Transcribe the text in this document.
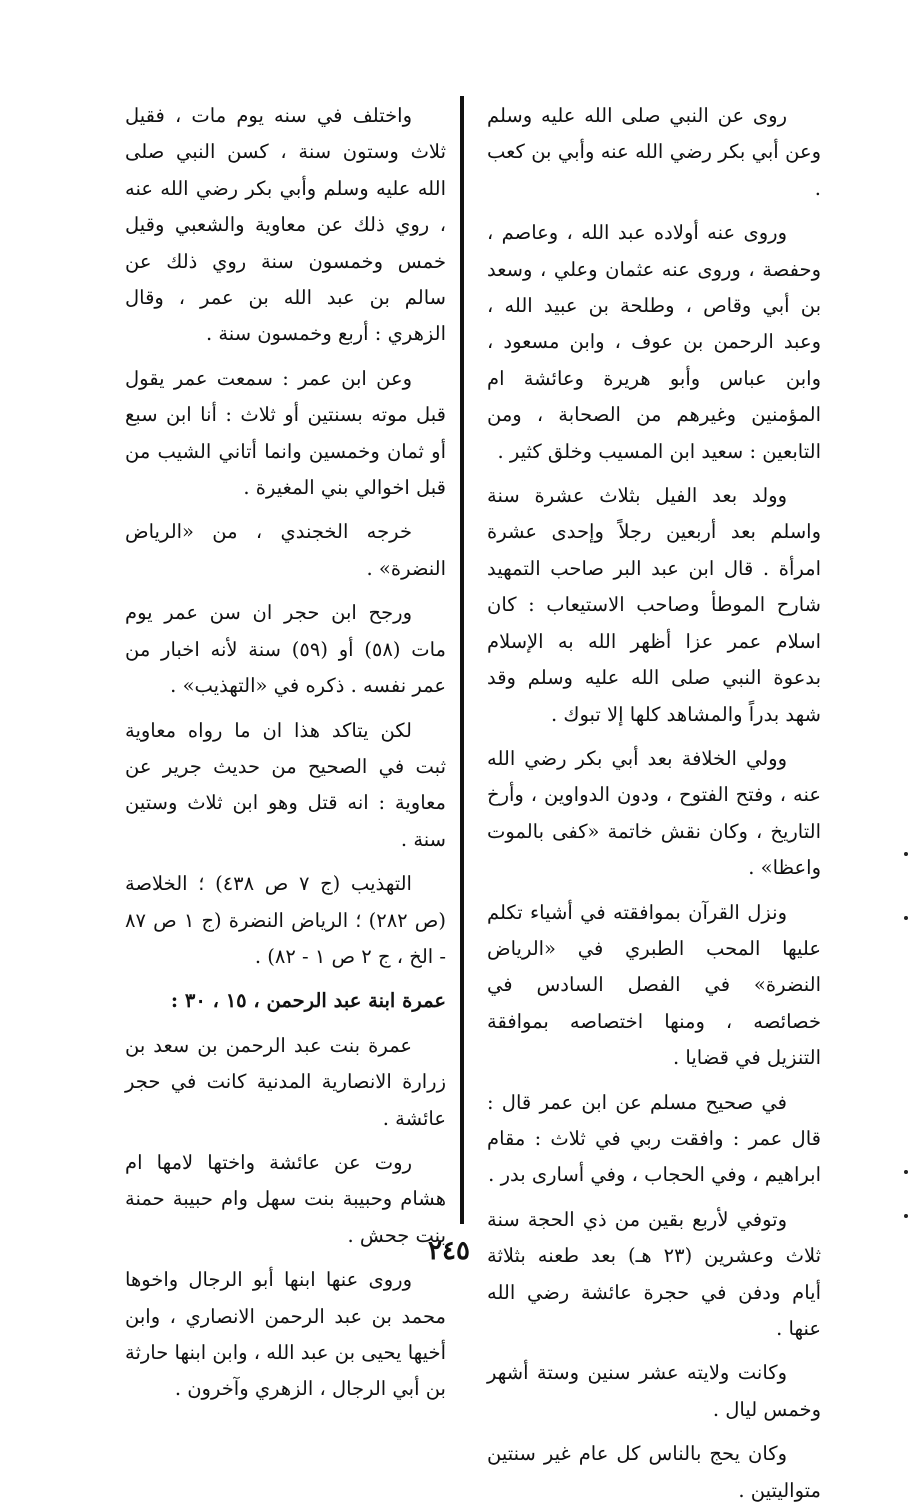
روى عن النبي صلى الله عليه وسلم وعن أبي بكر رضي الله عنه وأبي بن كعب .

وروى عنه أولاده عبد الله ، وعاصم ، وحفصة ، وروى عنه عثمان وعلي ، وسعد بن أبي وقاص ، وطلحة بن عبيد الله ، وعبد الرحمن بن عوف ، وابن مسعود ، وابن عباس وأبو هريرة وعائشة ام المؤمنين وغيرهم من الصحابة ، ومن التابعين : سعيد ابن المسيب وخلق كثير .

وولد بعد الفيل بثلاث عشرة سنة واسلم بعد أربعين رجلاً وإحدى عشرة امرأة . قال ابن عبد البر صاحب التمهيد شارح الموطأ وصاحب الاستيعاب : كان اسلام عمر عزا أظهر الله به الإسلام بدعوة النبي صلى الله عليه وسلم وقد شهد بدراً والمشاهد كلها إلا تبوك .

وولي الخلافة بعد أبي بكر رضي الله عنه ، وفتح الفتوح ، ودون الدواوين ، وأرخ التاريخ ، وكان نقش خاتمة «كفى بالموت واعظا» .

ونزل القرآن بموافقته في أشياء تكلم عليها المحب الطبري في «الرياض النضرة» في الفصل السادس في خصائصه ، ومنها اختصاصه بموافقة التنزيل في قضايا .

في صحيح مسلم عن ابن عمر قال : قال عمر : وافقت ربي في ثلاث : مقام ابراهيم ، وفي الحجاب ، وفي أسارى بدر .

وتوفي لأربع بقين من ذي الحجة سنة ثلاث وعشرين (٢٣ هـ) بعد طعنه بثلاثة أيام ودفن في حجرة عائشة رضي الله عنها .

وكانت ولايته عشر سنين وستة أشهر وخمس ليال .

وكان يحج بالناس كل عام غير سنتين متواليتين .

واختلف في سنه يوم مات ، فقيل ثلاث وستون سنة ، كسن النبي صلى الله عليه وسلم وأبي بكر رضي الله عنه ، روي ذلك عن معاوية والشعبي وقيل خمس وخمسون سنة روي ذلك عن سالم بن عبد الله بن عمر ، وقال الزهري : أربع وخمسون سنة .

وعن ابن عمر : سمعت عمر يقول قبل موته بسنتين أو ثلاث : أنا ابن سبع أو ثمان وخمسين وانما أتاني الشيب من قبل اخوالي بني المغيرة .

خرجه الخجندي ، من «الرياض النضرة» .

ورجح ابن حجر ان سن عمر يوم مات (٥٨) أو (٥٩) سنة لأنه اخبار من عمر نفسه . ذكره في «التهذيب» .

لكن يتاكد هذا ان ما رواه معاوية ثبت في الصحيح من حديث جرير عن معاوية : انه قتل وهو ابن ثلاث وستين سنة .

التهذيب (ج ٧ ص ٤٣٨) ؛ الخلاصة (ص ٢٨٢) ؛ الرياض النضرة (ج ١ ص ٨٧ - الخ ، ج ٢ ص ١ - ٨٢) .

عمرة ابنة عبد الرحمن ، ١٥ ، ٣٠ :

عمرة بنت عبد الرحمن بن سعد بن زرارة الانصارية المدنية كانت في حجر عائشة .

روت عن عائشة واختها لامها ام هشام وحبيبة بنت سهل وام حبيبة حمنة بنت جحش .

وروى عنها ابنها أبو الرجال واخوها محمد بن عبد الرحمن الانصاري ، وابن أخيها يحيى بن عبد الله ، وابن ابنها حارثة بن أبي الرجال ، الزهري وآخرون .

٢٤٥
